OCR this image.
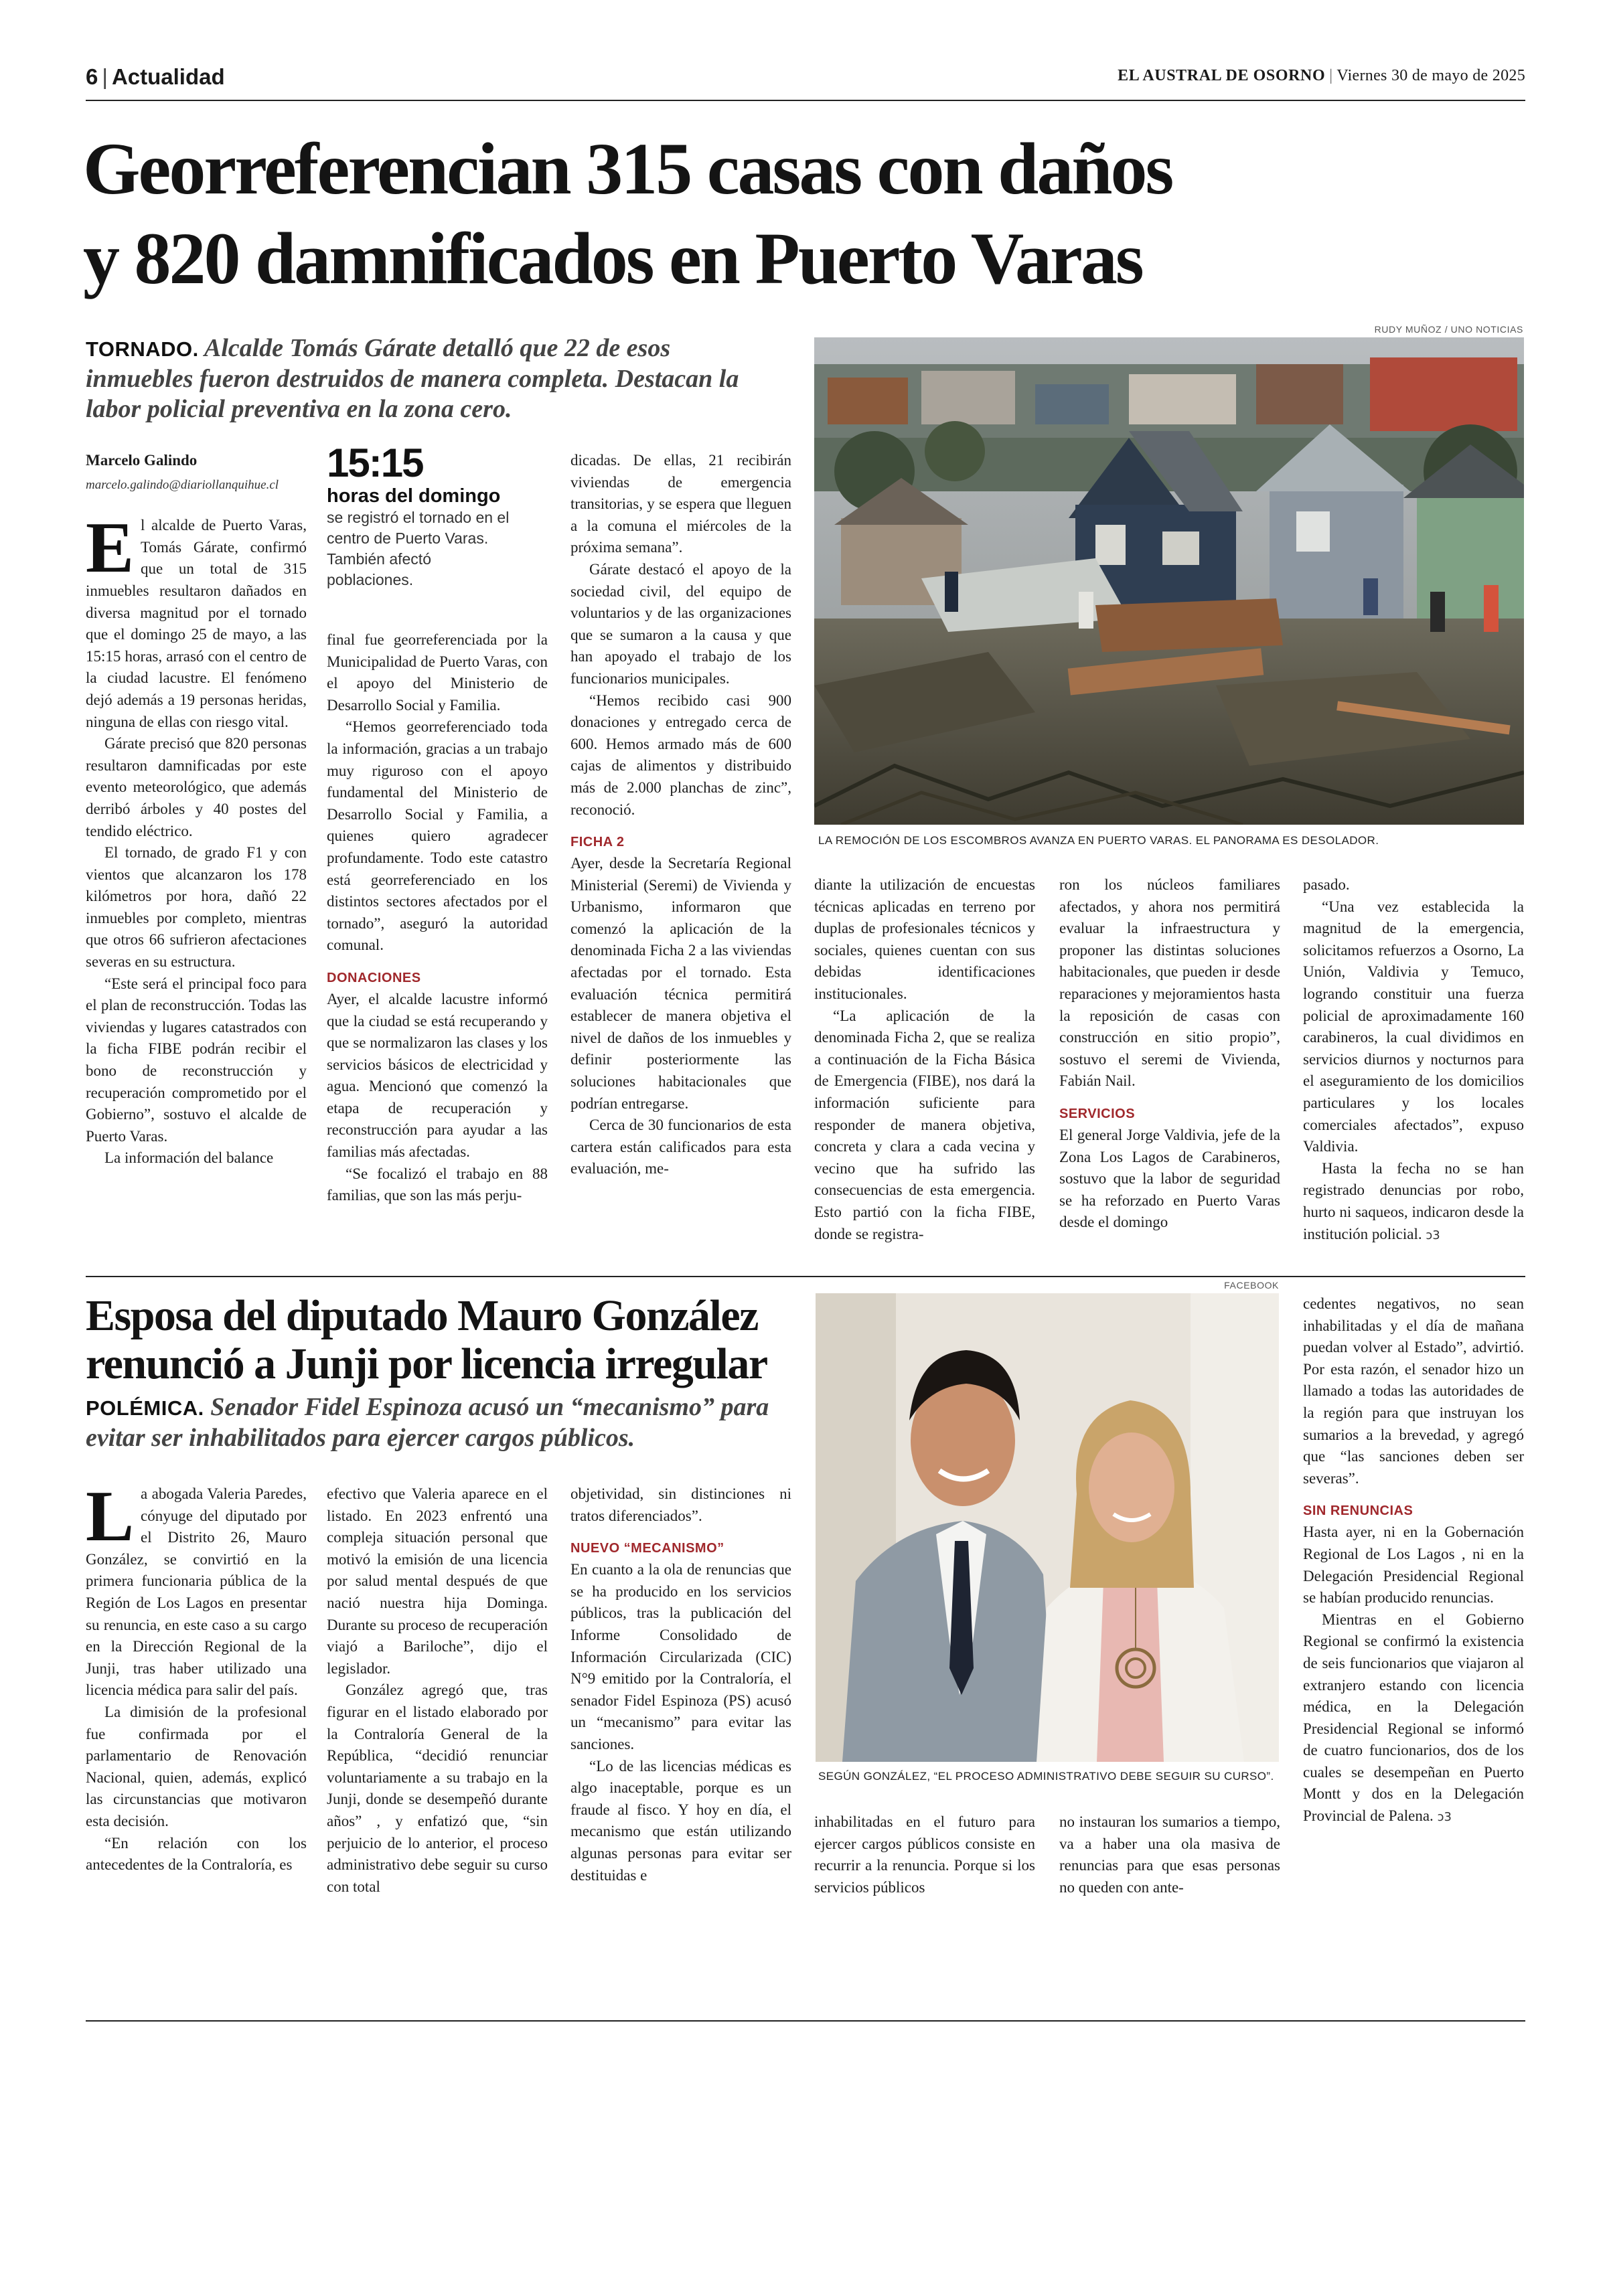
6 | Actualidad	EL AUSTRAL DE OSORNO | Viernes 30 de mayo de 2025
Georreferencian 315 casas con daños
y 820 damnificados en Puerto Varas
TORNADO. Alcalde Tomás Gárate detalló que 22 de esos inmuebles fueron destruidos de manera completa. Destacan la labor policial preventiva en la zona cero.
RUDY MUÑOZ / UNO NOTICIAS
LA REMOCIÓN DE LOS ESCOMBROS AVANZA EN PUERTO VARAS. EL PANORAMA ES DESOLADOR.
15:15
horas del domingo se registró el tornado en el centro de Puerto Varas. También afectó poblaciones.
Marcelo Galindo
marcelo.galindo@diariollanquihue.cl

El alcalde de Puerto Varas, Tomás Gárate, confirmó que un total de 315 inmuebles resultaron dañados en diversa magnitud por el tornado que el domingo 25 de mayo, a las 15:15 horas, arrasó con el centro de la ciudad lacustre. El fenómeno dejó además a 19 personas heridas, ninguna de ellas con riesgo vital.

Gárate precisó que 820 personas resultaron damnificadas por este evento meteorológico, que además derribó árboles y 40 postes del tendido eléctrico.

El tornado, de grado F1 y con vientos que alcanzaron los 178 kilómetros por hora, dañó 22 inmuebles por completo, mientras que otros 66 sufrieron afectaciones severas en su estructura.

“Este será el principal foco para el plan de reconstrucción. Todas las viviendas y lugares catastrados con la ficha FIBE podrán recibir el bono de reconstrucción y recuperación comprometido por el Gobierno”, sostuvo el alcalde de Puerto Varas.

La información del balance

final fue georreferenciada por la Municipalidad de Puerto Varas, con el apoyo del Ministerio de Desarrollo Social y Familia.

“Hemos georreferenciado toda la información, gracias a un trabajo muy riguroso con el apoyo fundamental del Ministerio de Desarrollo Social y Familia, a quienes quiero agradecer profundamente. Todo este catastro está georreferenciado en los distintos sectores afectados por el tornado”, aseguró la autoridad comunal.

DONACIONES

Ayer, el alcalde lacustre informó que la ciudad se está recuperando y que se normalizaron las clases y los servicios básicos de electricidad y agua. Mencionó que comenzó la etapa de recuperación y reconstrucción para ayudar a las familias más afectadas.

“Se focalizó el trabajo en 88 familias, que son las más perju-

dicadas. De ellas, 21 recibirán viviendas de emergencia transitorias, y se espera que lleguen a la comuna el miércoles de la próxima semana”.

Gárate destacó el apoyo de la sociedad civil, del equipo de voluntarios y de las organizaciones que se sumaron a la causa y que han apoyado el trabajo de los funcionarios municipales.

“Hemos recibido casi 900 donaciones y entregado cerca de 600. Hemos armado más de 600 cajas de alimentos y distribuido más de 2.000 planchas de zinc”, reconoció.

FICHA 2

Ayer, desde la Secretaría Regional Ministerial (Seremi) de Vivienda y Urbanismo, informaron que comenzó la aplicación de la denominada Ficha 2 a las viviendas afectadas por el tornado. Esta evaluación técnica permitirá establecer de manera objetiva el nivel de daños de los inmuebles y definir posteriormente las soluciones habitacionales que podrían entregarse.

Cerca de 30 funcionarios de esta cartera están calificados para esta evaluación, me-

diante la utilización de encuestas técnicas aplicadas en terreno por duplas de profesionales técnicos y sociales, quienes cuentan con sus debidas identificaciones institucionales.

“La aplicación de la denominada Ficha 2, que se realiza a continuación de la Ficha Básica de Emergencia (FIBE), nos dará la información suficiente para responder de manera objetiva, concreta y clara a cada vecina y vecino que ha sufrido las consecuencias de esta emergencia. Esto partió con la ficha FIBE, donde se registra-

ron los núcleos familiares afectados, y ahora nos permitirá evaluar la infraestructura y proponer las distintas soluciones habitacionales, que pueden ir desde reparaciones y mejoramientos hasta la reposición de casas con construcción en sitio propio”, sostuvo el seremi de Vivienda, Fabián Nail.

SERVICIOS

El general Jorge Valdivia, jefe de la Zona Los Lagos de Carabineros, sostuvo que la labor de seguridad se ha reforzado en Puerto Varas desde el domingo

pasado.

“Una vez establecida la magnitud de la emergencia, solicitamos refuerzos a Osorno, La Unión, Valdivia y Temuco, logrando constituir una fuerza policial de aproximadamente 160 carabineros, la cual dividimos en servicios diurnos y nocturnos para el aseguramiento de los domicilios particulares y los locales comerciales afectados”, expuso Valdivia.

Hasta la fecha no se han registrado denuncias por robo, hurto ni saqueos, indicaron desde la institución policial. ↄ3

Esposa del diputado Mauro González
renunció a Junji por licencia irregular
POLÉMICA. Senador Fidel Espinoza acusó un “mecanismo” para evitar ser inhabilitados para ejercer cargos públicos.
FACEBOOK
SEGÚN GONZÁLEZ, “EL PROCESO ADMINISTRATIVO DEBE SEGUIR SU CURSO”.

La abogada Valeria Paredes, cónyuge del diputado por el Distrito 26, Mauro González, se convirtió en la primera funcionaria pública de la Región de Los Lagos en presentar su renuncia, en este caso a su cargo en la Dirección Regional de la Junji, tras haber utilizado una licencia médica para salir del país.

La dimisión de la profesional fue confirmada por el parlamentario de Renovación Nacional, quien, además, explicó las circunstancias que motivaron esta decisión.

“En relación con los antecedentes de la Contraloría, es

efectivo que Valeria aparece en el listado. En 2023 enfrentó una compleja situación personal que motivó la emisión de una licencia por salud mental después de que nació nuestra hija Dominga. Durante su proceso de recuperación viajó a Bariloche”, dijo el legislador.

González agregó que, tras figurar en el listado elaborado por la Contraloría General de la República, “decidió renunciar voluntariamente a su trabajo en la Junji, donde se desempeñó durante años” , y enfatizó que, “sin perjuicio de lo anterior, el proceso administrativo debe seguir su curso con total

objetividad, sin distinciones ni tratos diferenciados”.

NUEVO “MECANISMO”

En cuanto a la ola de renuncias que se ha producido en los servicios públicos, tras la publicación del Informe Consolidado de Información Circularizada (CIC) N°9 emitido por la Contraloría, el senador Fidel Espinoza (PS) acusó un “mecanismo” para evitar las sanciones.

“Lo de las licencias médicas es algo inaceptable, porque es un fraude al fisco. Y hoy en día, el mecanismo que están utilizando algunas personas para evitar ser destituidas e

inhabilitadas en el futuro para ejercer cargos públicos consiste en recurrir a la renuncia. Porque si los servicios públicos

no instauran los sumarios a tiempo, va a haber una ola masiva de renuncias para que esas personas no queden con ante-

cedentes negativos, no sean inhabilitadas y el día de mañana puedan volver al Estado”, advirtió. Por esta razón, el senador hizo un llamado a todas las autoridades de la región para que instruyan los sumarios a la brevedad, y agregó que “las sanciones deben ser severas”.

SIN RENUNCIAS

Hasta ayer, ni en la Gobernación Regional de Los Lagos , ni en la Delegación Presidencial Regional se habían producido renuncias.

Mientras en el Gobierno Regional se confirmó la existencia de seis funcionarios que viajaron al extranjero estando con licencia médica, en la Delegación Presidencial Regional se informó de cuatro funcionarios, dos de los cuales se desempeñan en Puerto Montt y dos en la Delegación Provincial de Palena. ↄ3
